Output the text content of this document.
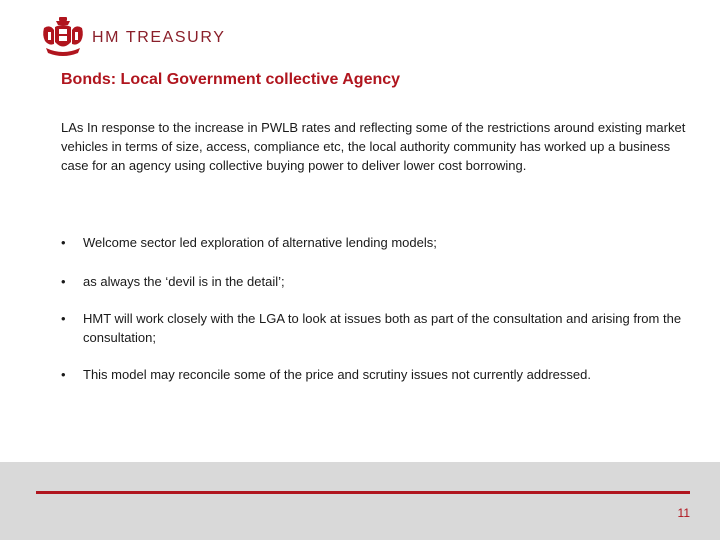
HM TREASURY
Bonds: Local Government collective Agency

LAs In response to the increase in PWLB rates and reflecting some of the restrictions around existing market vehicles in terms of size, access, compliance etc, the local authority community has worked up a business case for an agency using collective buying power to deliver lower cost borrowing.

• Welcome sector led exploration of alternative lending models;
• as always the ‘devil is in the detail’;
• HMT will work closely with the LGA to look at issues both as part of the consultation and arising from the consultation;
• This model may reconcile some of the price and scrutiny issues not currently addressed.
11
